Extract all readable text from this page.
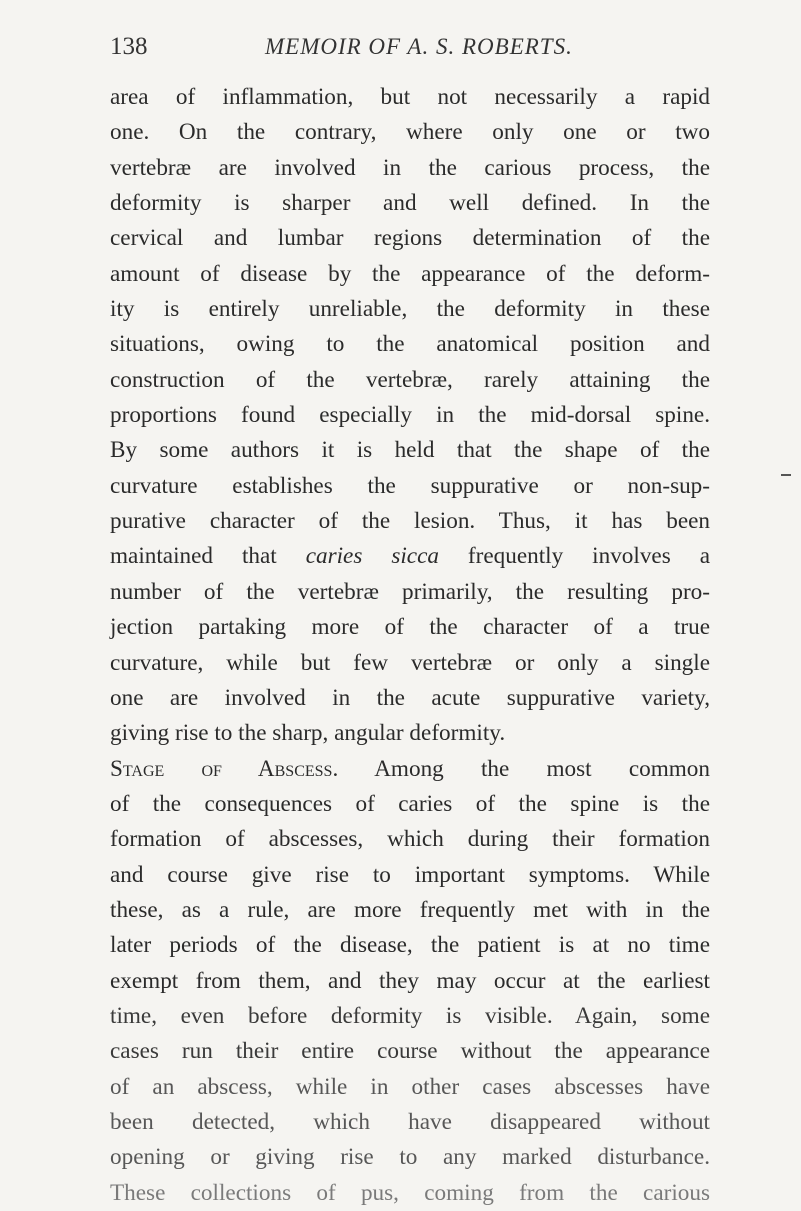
138	MEMOIR OF A. S. ROBERTS.
area of inflammation, but not necessarily a rapid
one. On the contrary, where only one or two
vertebræ are involved in the carious process, the
deformity is sharper and well defined. In the
cervical and lumbar regions determination of the
amount of disease by the appearance of the deform-
ity is entirely unreliable, the deformity in these
situations, owing to the anatomical position and
construction of the vertebræ, rarely attaining the
proportions found especially in the mid-dorsal spine.
By some authors it is held that the shape of the
curvature establishes the suppurative or non-sup-
purative character of the lesion. Thus, it has been
maintained that caries sicca frequently involves a
number of the vertebræ primarily, the resulting pro-
jection partaking more of the character of a true
curvature, while but few vertebræ or only a single
one are involved in the acute suppurative variety,
giving rise to the sharp, angular deformity.
Stage of Abscess. Among the most common
of the consequences of caries of the spine is the
formation of abscesses, which during their formation
and course give rise to important symptoms. While
these, as a rule, are more frequently met with in the
later periods of the disease, the patient is at no time
exempt from them, and they may occur at the earliest
time, even before deformity is visible. Again, some
cases run their entire course without the appearance
of an abscess, while in other cases abscesses have
been detected, which have disappeared without
opening or giving rise to any marked disturbance.
These collections of pus, coming from the carious
